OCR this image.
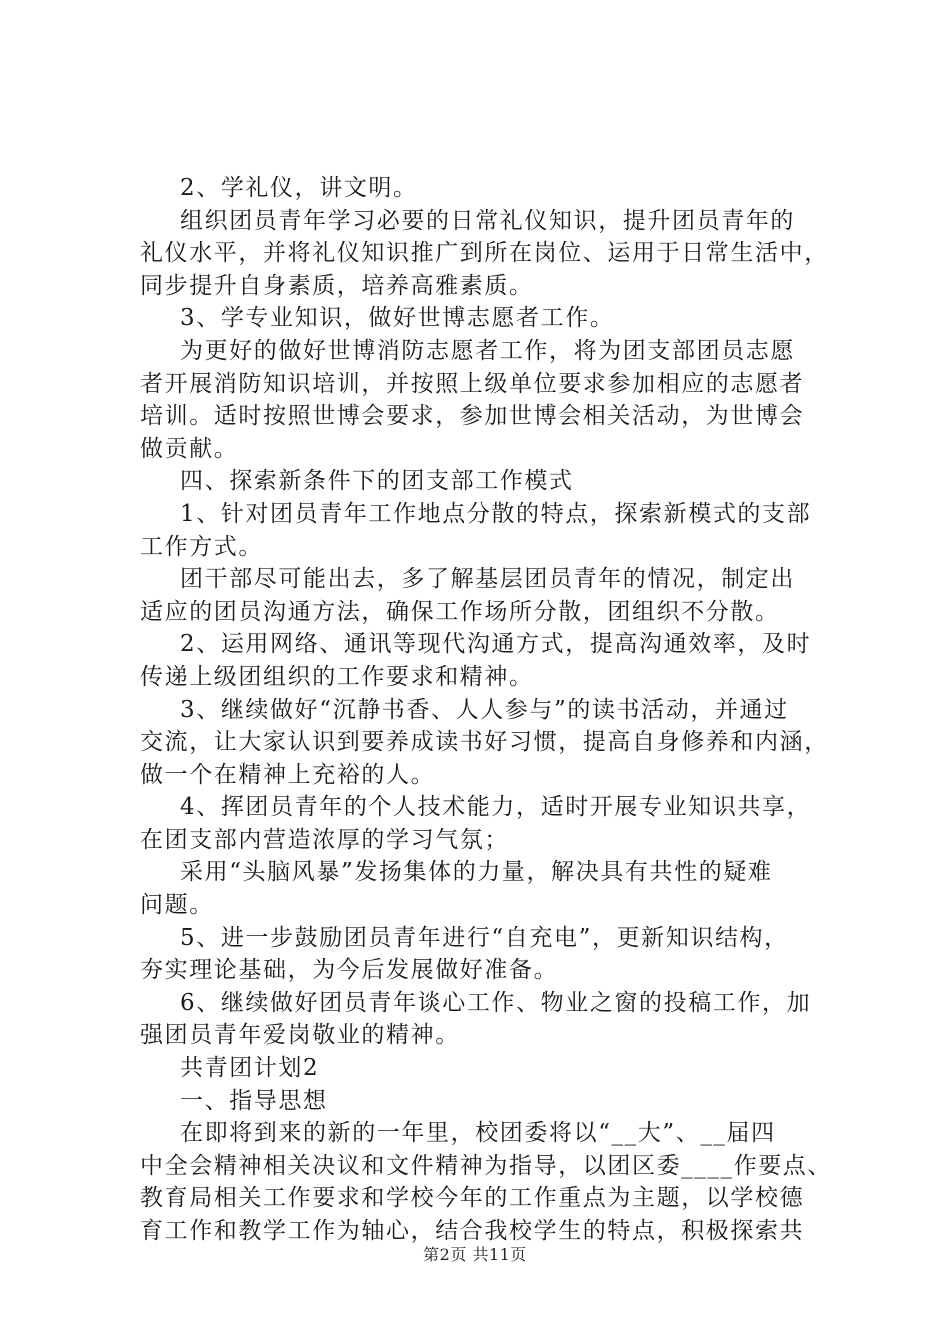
2、学礼仪，讲文明。
组织团员青年学习必要的日常礼仪知识，提升团员青年的
礼仪水平，并将礼仪知识推广到所在岗位、运用于日常生活中，
同步提升自身素质，培养高雅素质。
3、学专业知识，做好世博志愿者工作。
为更好的做好世博消防志愿者工作，将为团支部团员志愿
者开展消防知识培训，并按照上级单位要求参加相应的志愿者
培训。适时按照世博会要求，参加世博会相关活动，为世博会
做贡献。
四、探索新条件下的团支部工作模式
1、针对团员青年工作地点分散的特点，探索新模式的支部
工作方式。
团干部尽可能出去，多了解基层团员青年的情况，制定出
适应的团员沟通方法，确保工作场所分散，团组织不分散。
2、运用网络、通讯等现代沟通方式，提高沟通效率，及时
传递上级团组织的工作要求和精神。
3、继续做好“沉静书香、人人参与”的读书活动，并通过
交流，让大家认识到要养成读书好习惯，提高自身修养和内涵，
做一个在精神上充裕的人。
4、挥团员青年的个人技术能力，适时开展专业知识共享，
在团支部内营造浓厚的学习气氛；
采用“头脑风暴”发扬集体的力量，解决具有共性的疑难
问题。
5、进一步鼓励团员青年进行“自充电”，更新知识结构，
夯实理论基础，为今后发展做好准备。
6、继续做好团员青年谈心工作、物业之窗的投稿工作，加
强团员青年爱岗敬业的精神。
共青团计划2
一、指导思想
在即将到来的新的一年里，校团委将以“__大”、__届四
中全会精神相关决议和文件精神为指导，以团区委____作要点、
教育局相关工作要求和学校今年的工作重点为主题，以学校德
育工作和教学工作为轴心，结合我校学生的特点，积极探索共
第2页 共11页
